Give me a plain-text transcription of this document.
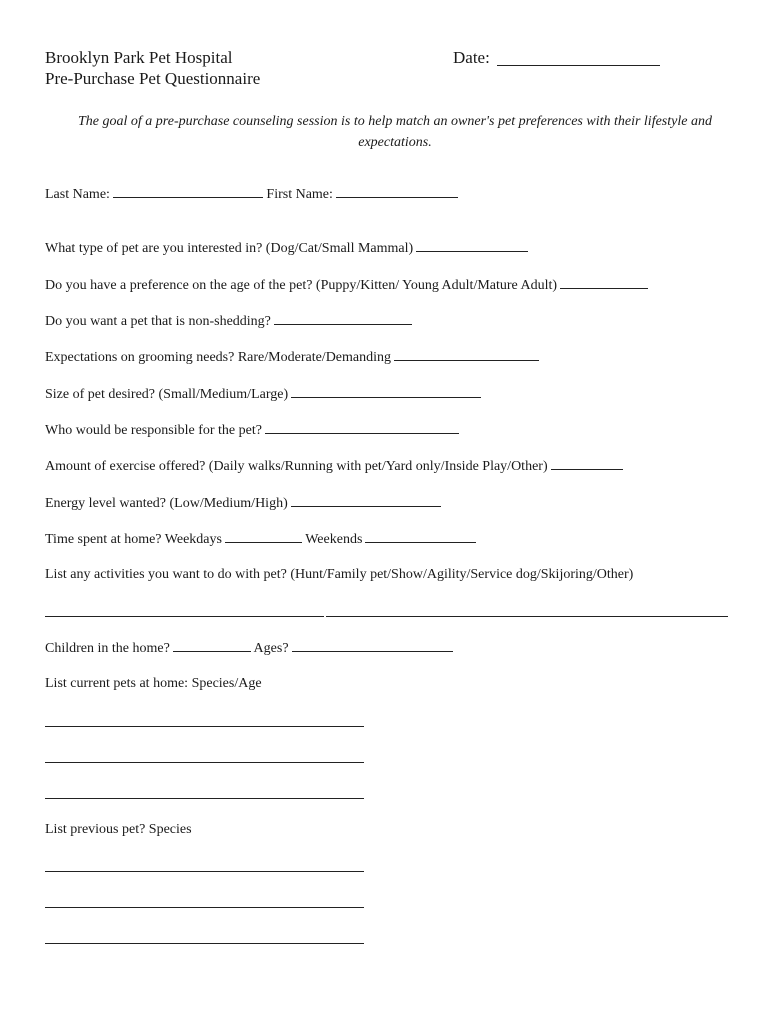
Brooklyn Park Pet Hospital
Pre-Purchase Pet Questionnaire
Date:
The goal of a pre-purchase counseling session is to help match an owner's pet preferences with their lifestyle and expectations.
Last Name:	First Name:
What type of pet are you interested in? (Dog/Cat/Small Mammal)
Do you have a preference on the age of the pet? (Puppy/Kitten/ Young Adult/Mature Adult)
Do you want a pet that is non-shedding?
Expectations on grooming needs? Rare/Moderate/Demanding
Size of pet desired? (Small/Medium/Large)
Who would be responsible for the pet?
Amount of exercise offered? (Daily walks/Running with pet/Yard only/Inside Play/Other)
Energy level wanted? (Low/Medium/High)
Time spent at home? Weekdays	Weekends
List any activities you want to do with pet? (Hunt/Family pet/Show/Agility/Service dog/Skijoring/Other)
Children in the home?	Ages?
List current pets at home: Species/Age
List previous pet? Species
